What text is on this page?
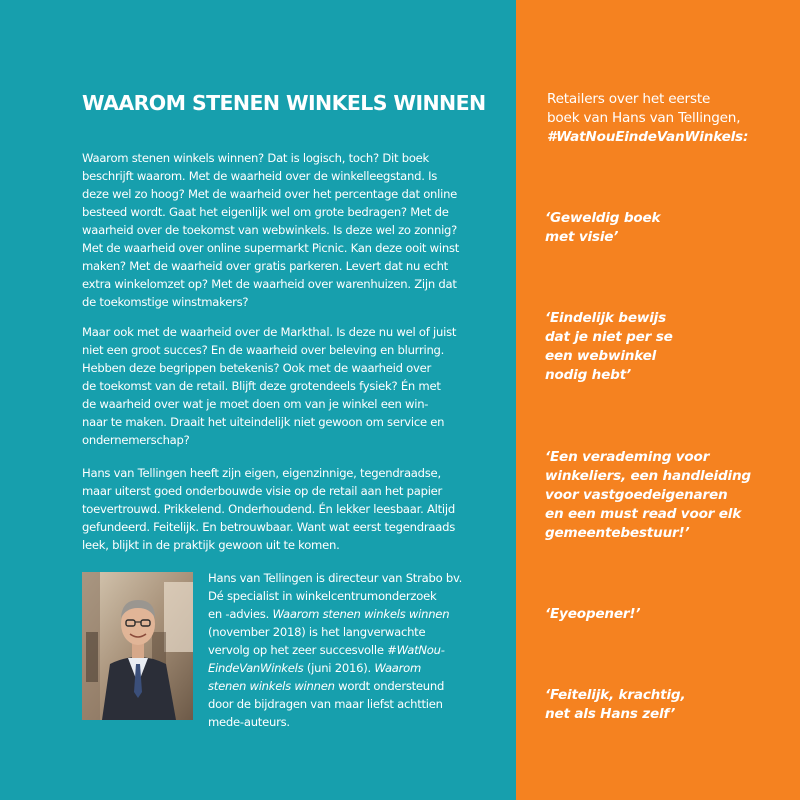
WAAROM STENEN WINKELS WINNEN
Waarom stenen winkels winnen? Dat is logisch, toch? Dit boek
beschrijft waarom. Met de waarheid over de winkelleegstand. Is
deze wel zo hoog? Met de waarheid over het percentage dat online
besteed wordt. Gaat het eigenlijk wel om grote bedragen? Met de
waarheid over de toekomst van webwinkels. Is deze wel zo zonnig?
Met de waarheid over online supermarkt Picnic. Kan deze ooit winst
maken? Met de waarheid over gratis parkeren. Levert dat nu echt
extra winkelomzet op? Met de waarheid over warenhuizen. Zijn dat
de toekomstige winstmakers?
Maar ook met de waarheid over de Markthal. Is deze nu wel of juist
niet een groot succes? En de waarheid over beleving en blurring.
Hebben deze begrippen betekenis? Ook met de waarheid over
de toekomst van de retail. Blijft deze grotendeels fysiek? Én met
de waarheid over wat je moet doen om van je winkel een win-
naar te maken. Draait het uiteindelijk niet gewoon om service en
ondernemerschap?
Hans van Tellingen heeft zijn eigen, eigenzinnige, tegendraadse,
maar uiterst goed onderbouwde visie op de retail aan het papier
toevertrouwd. Prikkelend. Onderhoudend. Én lekker leesbaar. Altijd
gefundeerd. Feitelijk. En betrouwbaar. Want wat eerst tegendraads
leek, blijkt in de praktijk gewoon uit te komen.
Hans van Tellingen is directeur van Strabo bv.
Dé specialist in winkelcentrumonderzoek
en -advies. Waarom stenen winkels winnen
(november 2018) is het langverwachte
vervolg op het zeer succesvolle #WatNou-
EindeVanWinkels (juni 2016). Waarom
stenen winkels winnen wordt ondersteund
door de bijdragen van maar liefst achttien
mede-auteurs.
Retailers over het eerste
boek van Hans van Tellingen,
#WatNouEindeVanWinkels:
‘Geweldig boek
met visie’
‘Eindelijk bewijs
dat je niet per se
een webwinkel
nodig hebt’
‘Een verademing voor
winkeliers, een handleiding
voor vastgoedeigenaren
en een must read voor elk
gemeentebestuur!’
‘Eyeopener!’
‘Feitelijk, krachtig,
net als Hans zelf’
